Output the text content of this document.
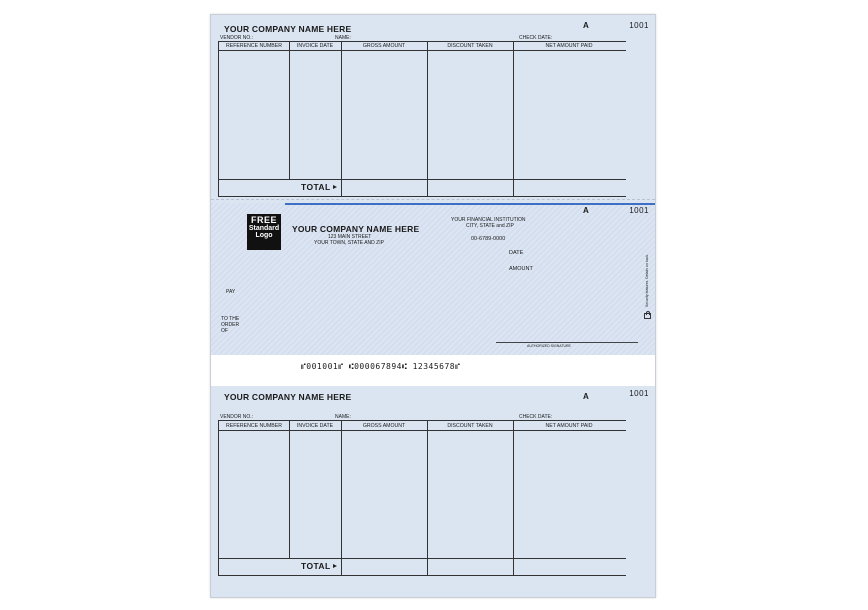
YOUR COMPANY NAME HERE	A	1001
VENDOR NO.:	NAME:	CHECK DATE:
REFERENCE NUMBER	INVOICE DATE	GROSS AMOUNT	DISCOUNT TAKEN	NET AMOUNT PAID
TOTAL
A	1001
FREE
Standard
Logo
YOUR COMPANY NAME HERE
123 MAIN STREET
YOUR TOWN, STATE AND ZIP
YOUR FINANCIAL INSTITUTION
CITY, STATE and ZIP
00-6789-0000
DATE
AMOUNT
PAY
TO THE
ORDER
OF
AUTHORIZED SIGNATURE
Security features. Details on back.
⑈001001⑈ ⑆000067894⑆ 12345678⑈
YOUR COMPANY NAME HERE	A	1001
VENDOR NO.:	NAME:	CHECK DATE:
REFERENCE NUMBER	INVOICE DATE	GROSS AMOUNT	DISCOUNT TAKEN	NET AMOUNT PAID
TOTAL
